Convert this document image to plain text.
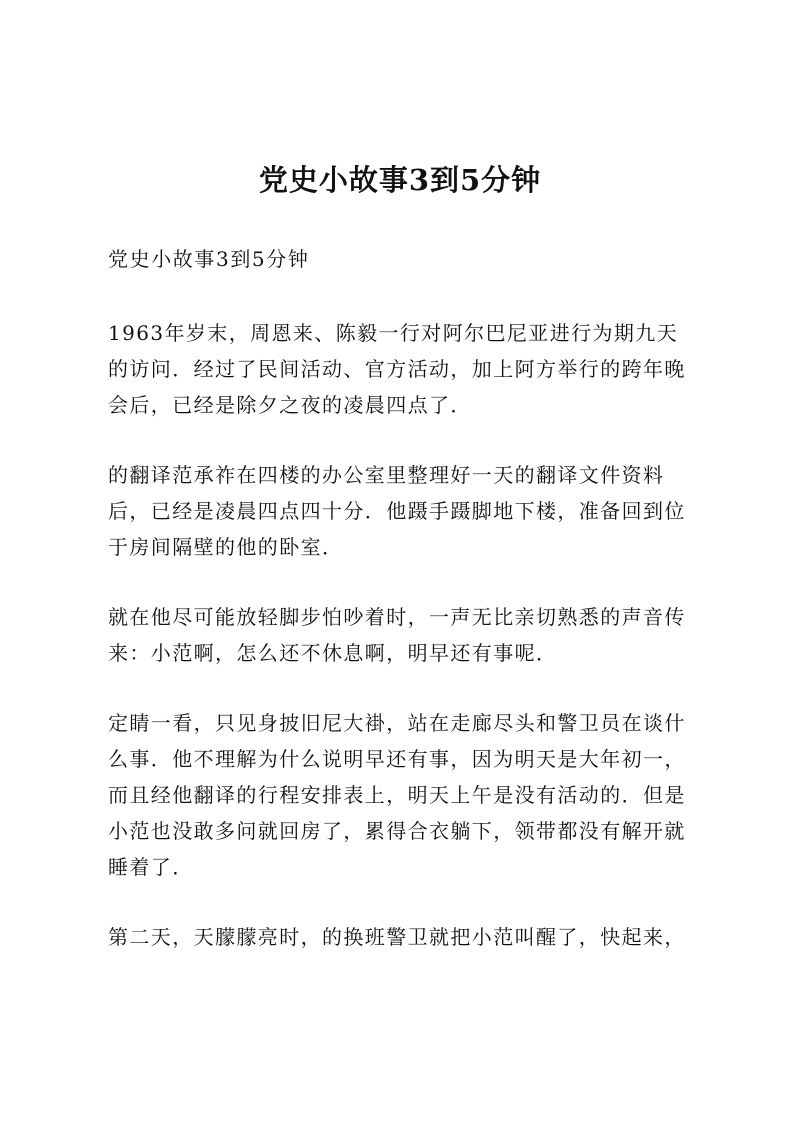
党史小故事3到5分钟

党史小故事3到5分钟

1963年岁末，周恩来、陈毅一行对阿尔巴尼亚进行为期九天的访问．经过了民间活动、官方活动，加上阿方举行的跨年晚会后，已经是除夕之夜的凌晨四点了．

的翻译范承祚在四楼的办公室里整理好一天的翻译文件资料后，已经是凌晨四点四十分．他蹑手蹑脚地下楼，准备回到位于房间隔壁的他的卧室．

就在他尽可能放轻脚步怕吵着时，一声无比亲切熟悉的声音传来：小范啊，怎么还不休息啊，明早还有事呢．

定睛一看，只见身披旧尼大褂，站在走廊尽头和警卫员在谈什么事．他不理解为什么说明早还有事，因为明天是大年初一，而且经他翻译的行程安排表上，明天上午是没有活动的．但是小范也没敢多问就回房了，累得合衣躺下，领带都没有解开就睡着了．

第二天，天朦朦亮时，的换班警卫就把小范叫醒了，快起来，
